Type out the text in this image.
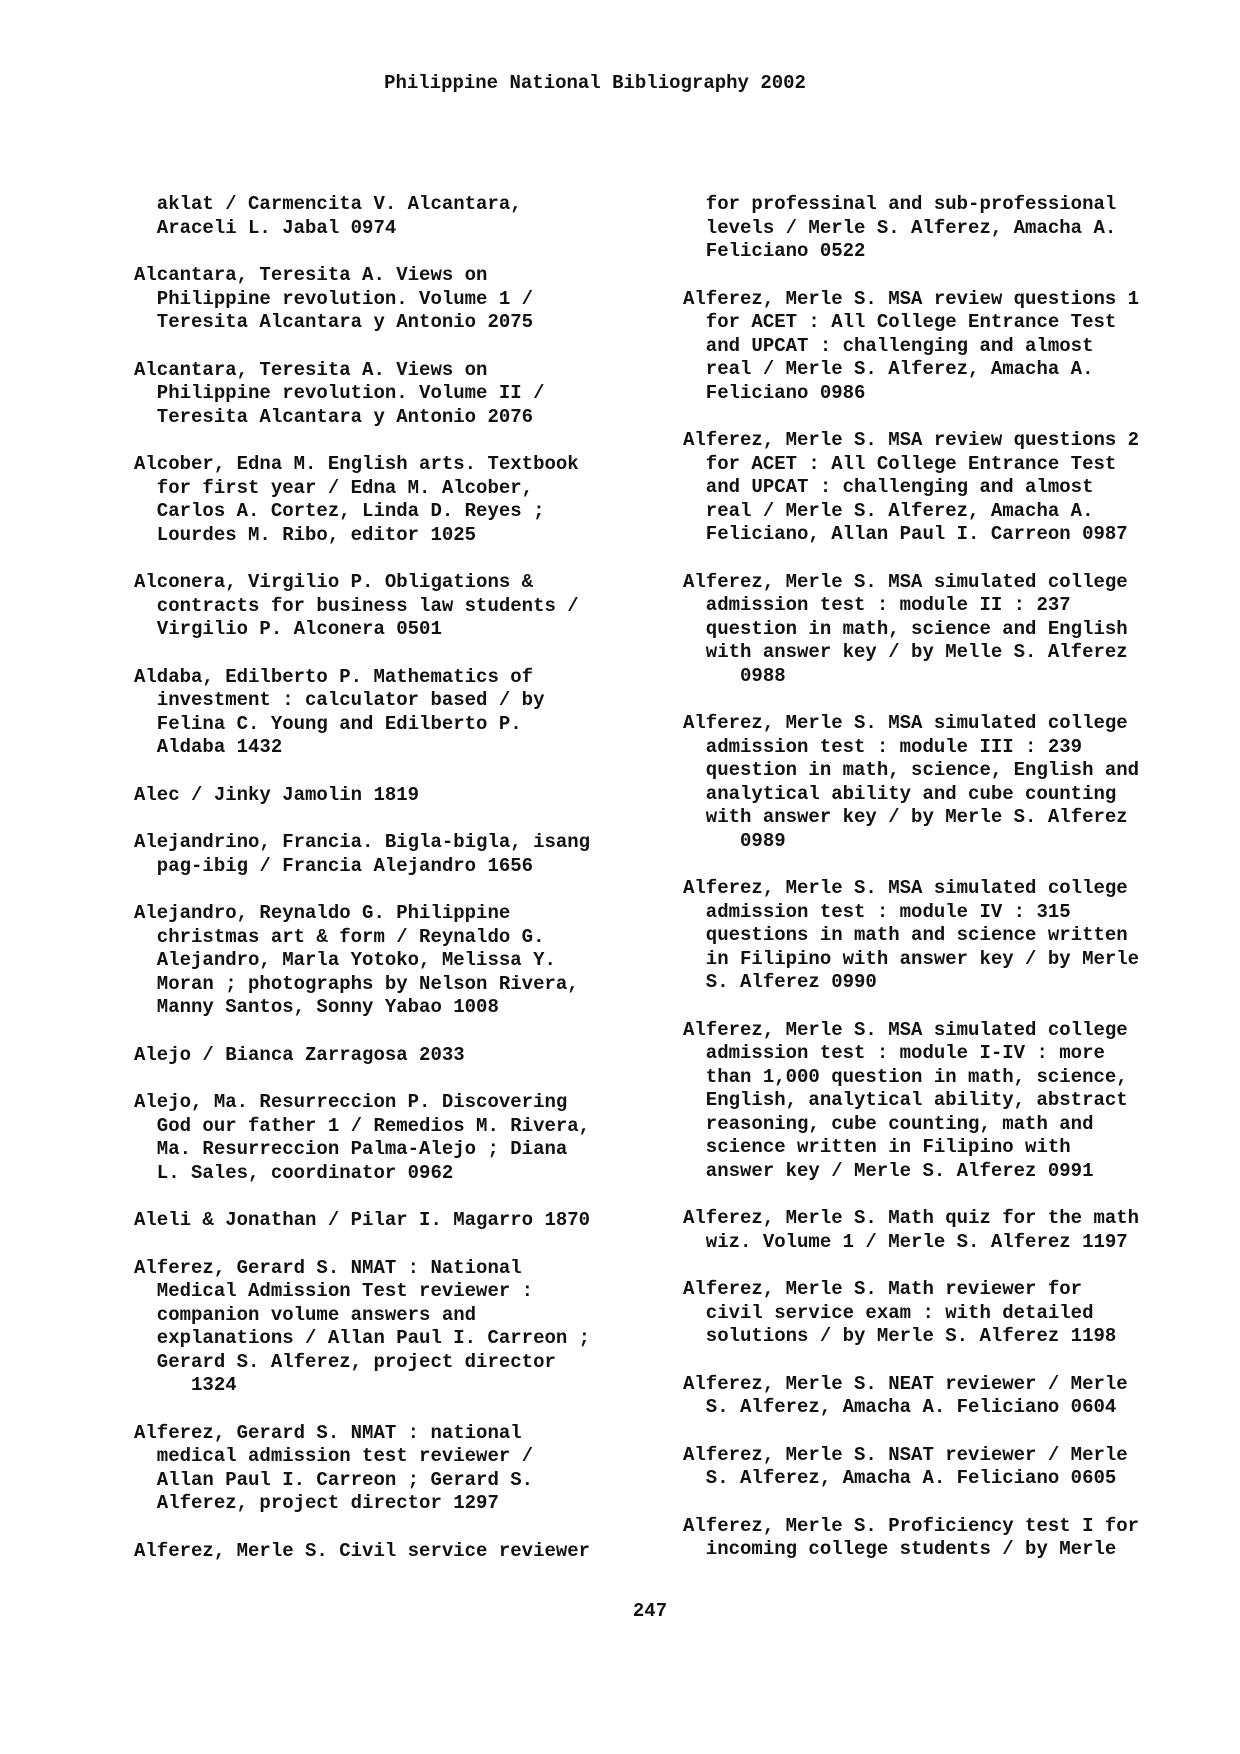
Philippine National Bibliography 2002
aklat / Carmencita V. Alcantara,
Araceli L. Jabal 0974
Alcantara, Teresita A. Views on
Philippine revolution. Volume 1 /
Teresita Alcantara y Antonio 2075
Alcantara, Teresita A. Views on
Philippine revolution. Volume II /
Teresita Alcantara y Antonio 2076
Alcober, Edna M. English arts. Textbook
for first year / Edna M. Alcober,
Carlos A. Cortez, Linda D. Reyes ;
Lourdes M. Ribo, editor 1025
Alconera, Virgilio P. Obligations &
contracts for business law students /
Virgilio P. Alconera 0501
Aldaba, Edilberto P. Mathematics of
investment : calculator based / by
Felina C. Young and Edilberto P.
Aldaba 1432
Alec / Jinky Jamolin 1819
Alejandrino, Francia. Bigla-bigla, isang
pag-ibig / Francia Alejandro 1656
Alejandro, Reynaldo G. Philippine
christmas art & form / Reynaldo G.
Alejandro, Marla Yotoko, Melissa Y.
Moran ; photographs by Nelson Rivera,
Manny Santos, Sonny Yabao 1008
Alejo / Bianca Zarragosa 2033
Alejo, Ma. Resurreccion P. Discovering
God our father 1 / Remedios M. Rivera,
Ma. Resurreccion Palma-Alejo ; Diana
L. Sales, coordinator 0962
Aleli & Jonathan / Pilar I. Magarro 1870
Alferez, Gerard S. NMAT : National
Medical Admission Test reviewer :
companion volume answers and
explanations / Allan Paul I. Carreon ;
Gerard S. Alferez, project director
1324
Alferez, Gerard S. NMAT : national
medical admission test reviewer /
Allan Paul I. Carreon ; Gerard S.
Alferez, project director 1297
Alferez, Merle S. Civil service reviewer
for professinal and sub-professional
levels / Merle S. Alferez, Amacha A.
Feliciano 0522
Alferez, Merle S. MSA review questions 1
for ACET : All College Entrance Test
and UPCAT : challenging and almost
real / Merle S. Alferez, Amacha A.
Feliciano 0986
Alferez, Merle S. MSA review questions 2
for ACET : All College Entrance Test
and UPCAT : challenging and almost
real / Merle S. Alferez, Amacha A.
Feliciano, Allan Paul I. Carreon 0987
Alferez, Merle S. MSA simulated college
admission test : module II : 237
question in math, science and English
with answer key / by Melle S. Alferez
0988
Alferez, Merle S. MSA simulated college
admission test : module III : 239
question in math, science, English and
analytical ability and cube counting
with answer key / by Merle S. Alferez
0989
Alferez, Merle S. MSA simulated college
admission test : module IV : 315
questions in math and science written
in Filipino with answer key / by Merle
S. Alferez 0990
Alferez, Merle S. MSA simulated college
admission test : module I-IV : more
than 1,000 question in math, science,
English, analytical ability, abstract
reasoning, cube counting, math and
science written in Filipino with
answer key / Merle S. Alferez 0991
Alferez, Merle S. Math quiz for the math
wiz. Volume 1 / Merle S. Alferez 1197
Alferez, Merle S. Math reviewer for
civil service exam : with detailed
solutions / by Merle S. Alferez 1198
Alferez, Merle S. NEAT reviewer / Merle
S. Alferez, Amacha A. Feliciano 0604
Alferez, Merle S. NSAT reviewer / Merle
S. Alferez, Amacha A. Feliciano 0605
Alferez, Merle S. Proficiency test I for
incoming college students / by Merle
247
